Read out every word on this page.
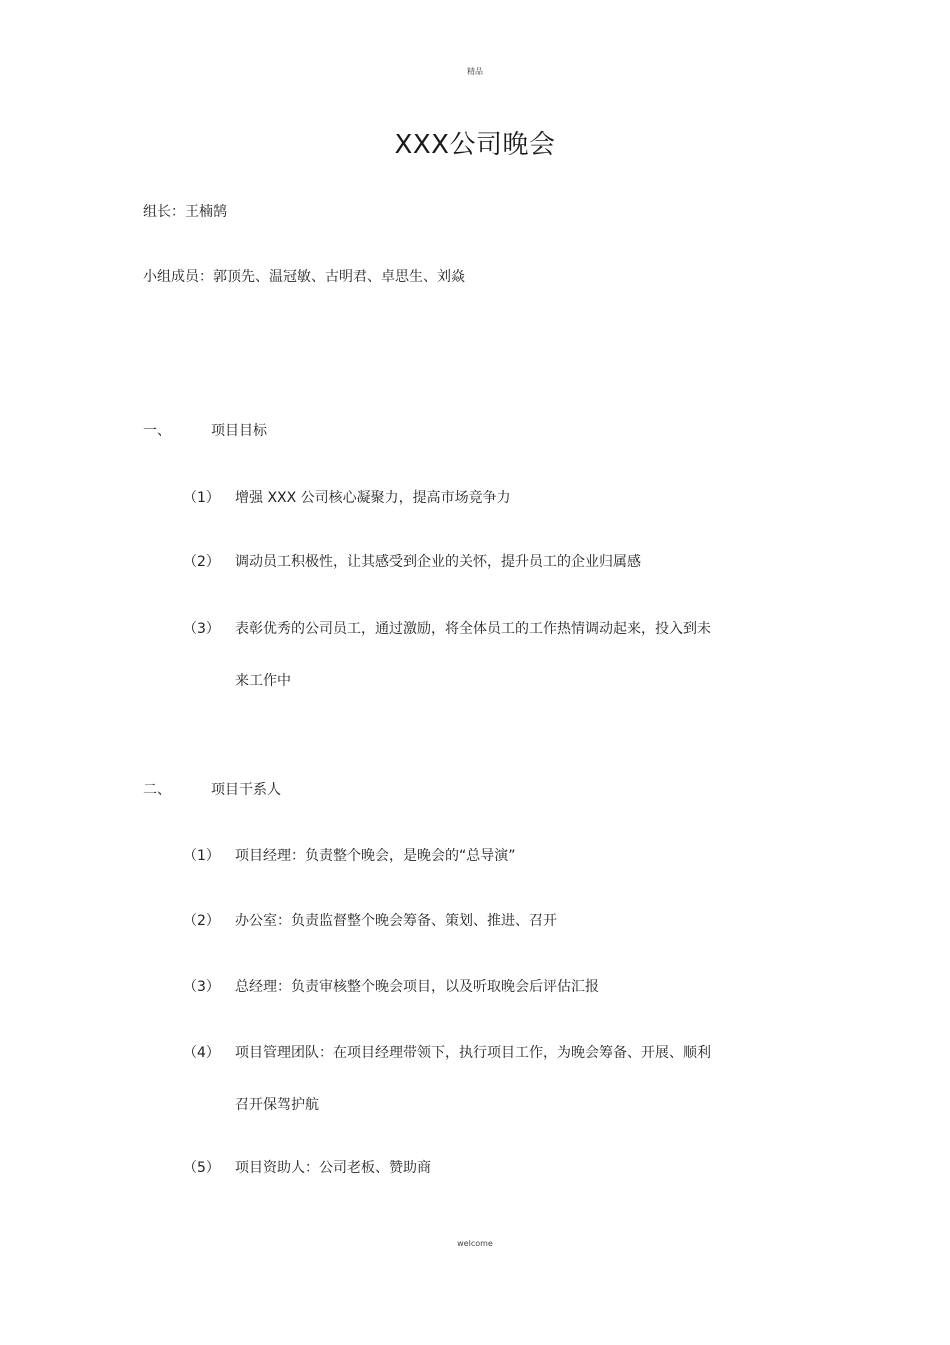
精品
XXX公司晚会
组长：王楠鹄
小组成员：郭顶先、温冠敏、古明君、卓思生、刘焱
一、	项目目标
（1） 增强 XXX 公司核心凝聚力，提高市场竞争力
（2） 调动员工积极性，让其感受到企业的关怀，提升员工的企业归属感
（3） 表彰优秀的公司员工，通过激励，将全体员工的工作热情调动起来，投入到未
来工作中
二、	项目干系人
（1） 项目经理：负责整个晚会，是晚会的“总导演”
（2） 办公室：负责监督整个晚会筹备、策划、推进、召开
（3） 总经理：负责审核整个晚会项目，以及听取晚会后评估汇报
（4） 项目管理团队：在项目经理带领下，执行项目工作，为晚会筹备、开展、顺利
召开保驾护航
（5） 项目资助人：公司老板、赞助商
welcome
